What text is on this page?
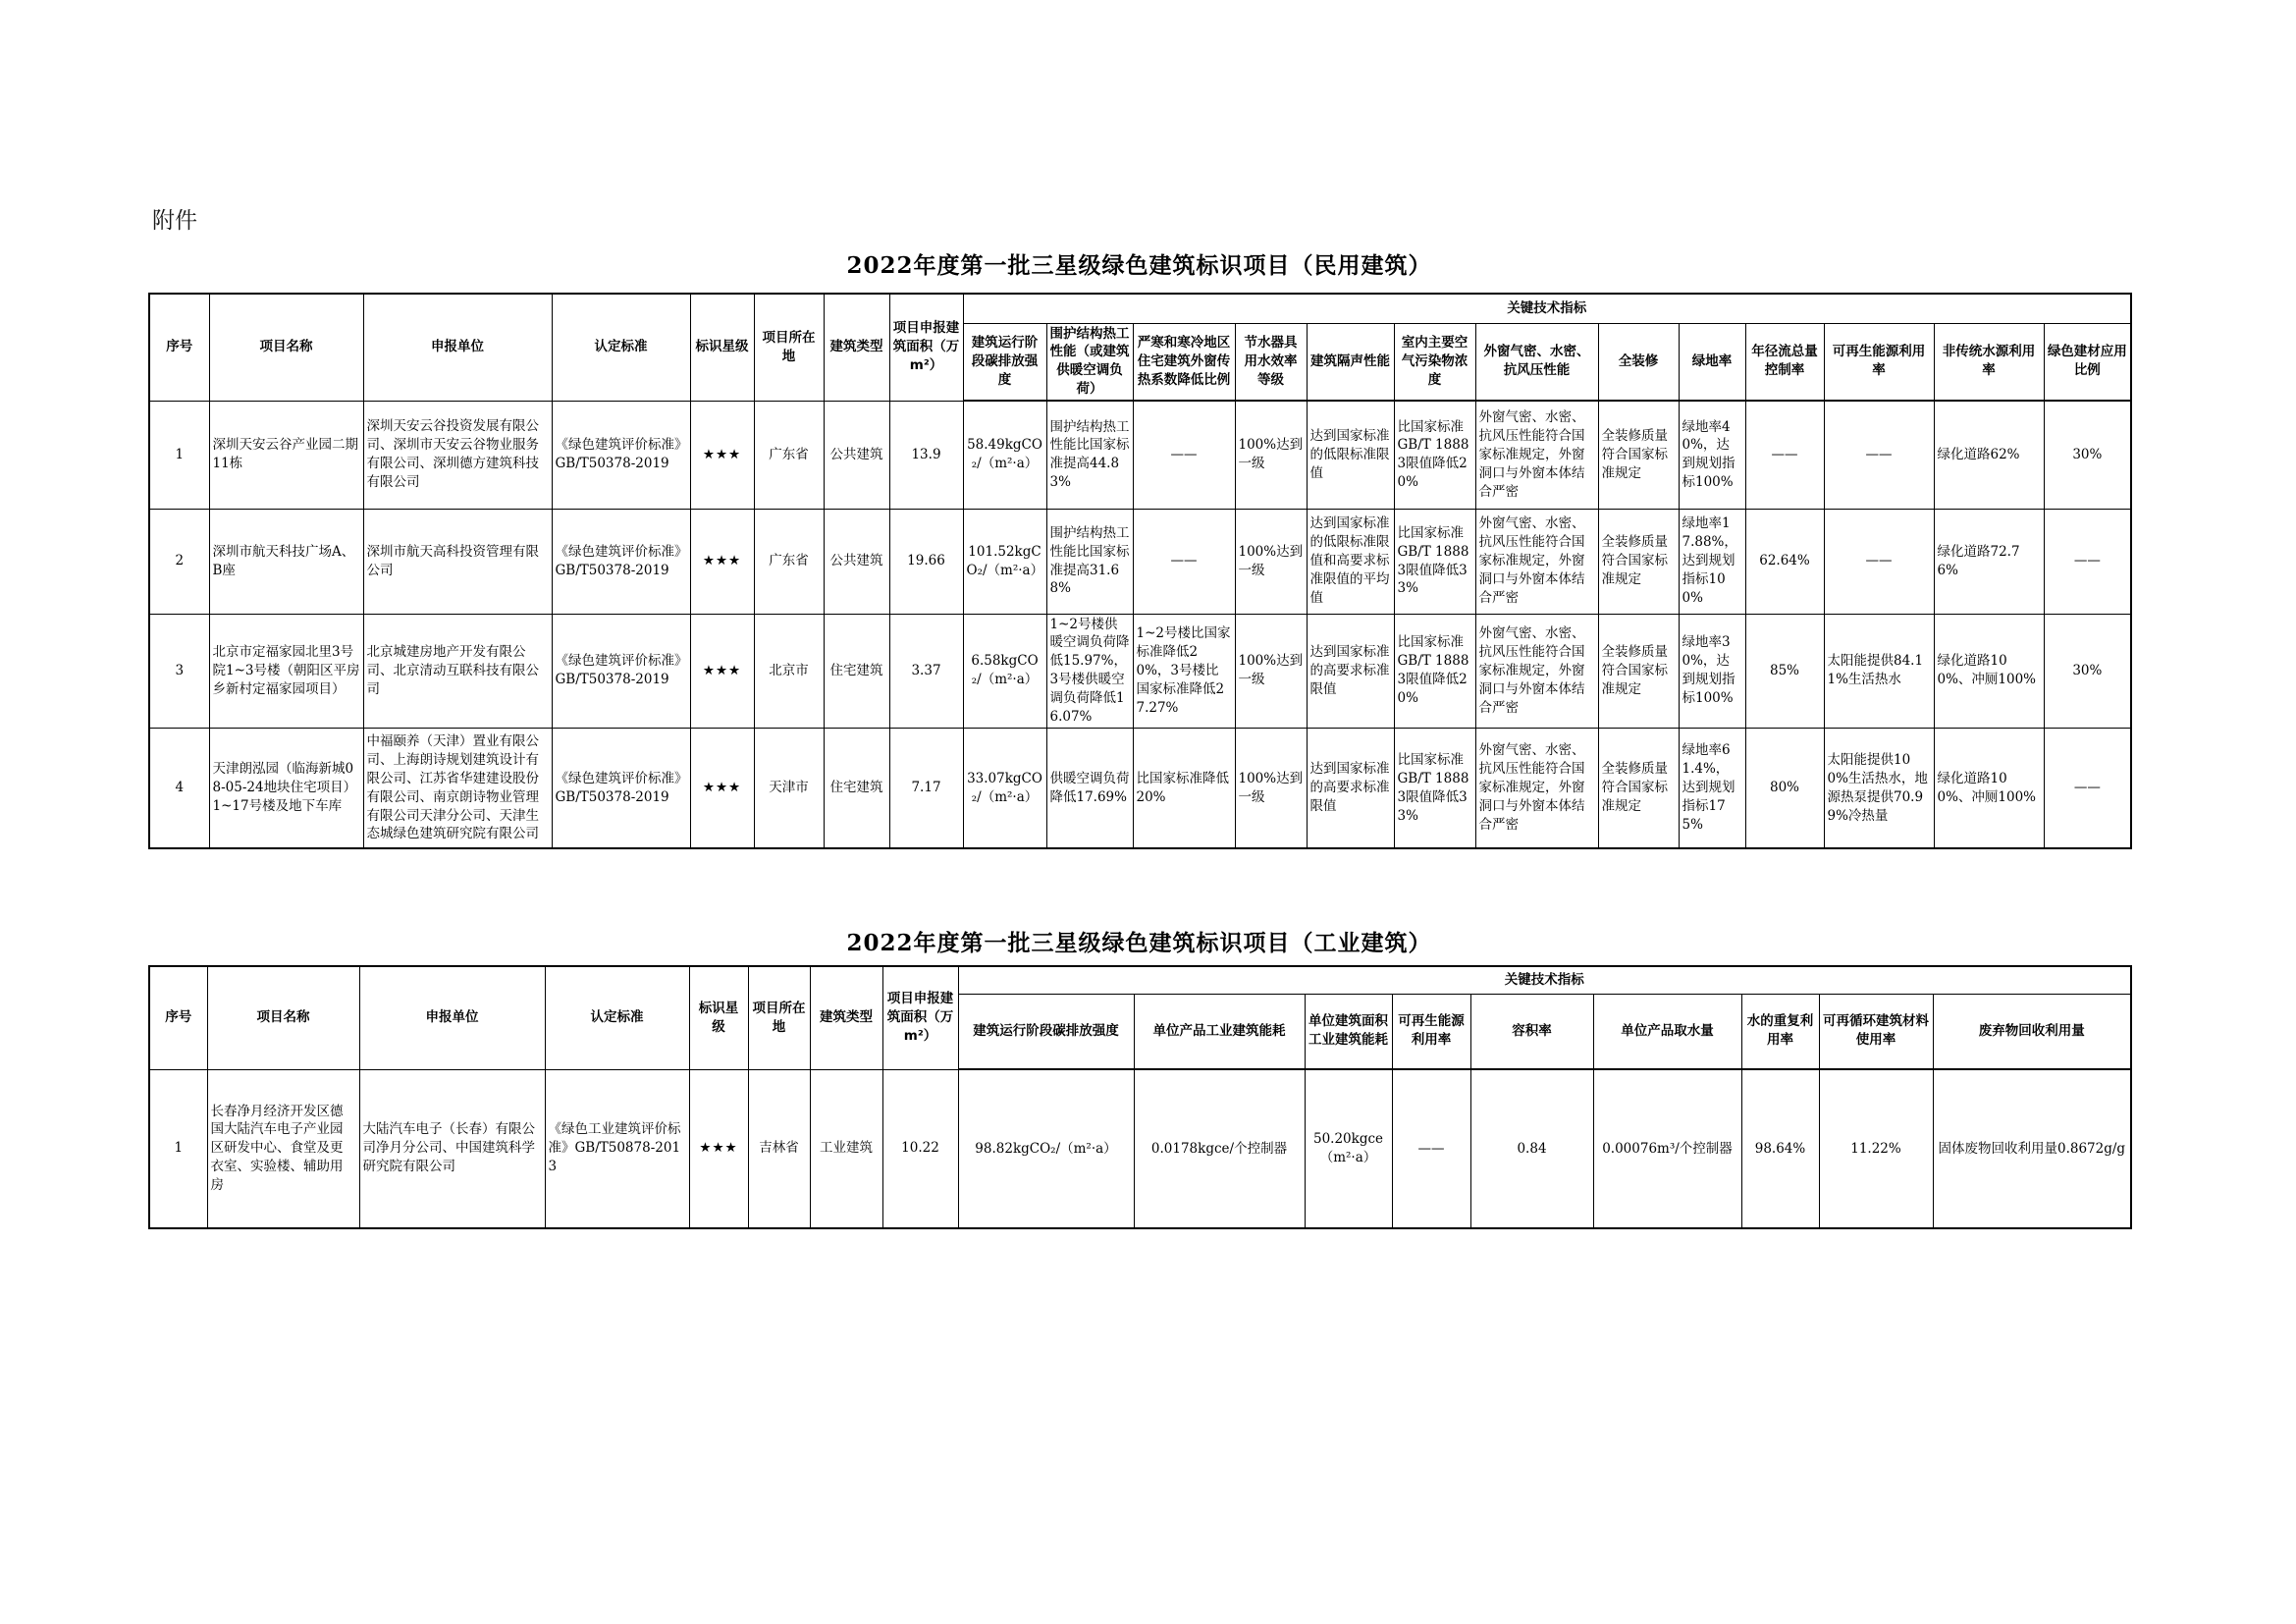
附件
2022年度第一批三星级绿色建筑标识项目（民用建筑）
序号	项目名称	申报单位	认定标准	标识星级	项目所在地	建筑类型	项目申报建筑面积（万m²）	关键技术指标												
								建筑运行阶段碳排放强度	围护结构热工性能（或建筑供暖空调负荷）	严寒和寒冷地区住宅建筑外窗传热系数降低比例	节水器具用水效率等级	建筑隔声性能	室内主要空气污染物浓度	外窗气密、水密、抗风压性能	全装修	绿地率	年径流总量控制率	可再生能源利用率	非传统水源利用率	绿色建材应用比例
1	深圳天安云谷产业园二期11栋	深圳天安云谷投资发展有限公司、深圳市天安云谷物业服务有限公司、深圳德方建筑科技有限公司	《绿色建筑评价标准》GB/T50378-2019	★★★	广东省	公共建筑	13.9	58.49kgCO₂/（m²·a）	围护结构热工性能比国家标准提高44.83%	——	100%达到一级	达到国家标准的低限标准限值	比国家标准GB/T 18883限值降低20%	外窗气密、水密、抗风压性能符合国家标准规定，外窗洞口与外窗本体结合严密	全装修质量符合国家标准规定	绿地率40%，达到规划指标100%	——	——	绿化道路62%	30%
2	深圳市航天科技广场A、B座	深圳市航天高科投资管理有限公司	《绿色建筑评价标准》GB/T50378-2019	★★★	广东省	公共建筑	19.66	101.52kgCO₂/（m²·a）	围护结构热工性能比国家标准提高31.68%	——	100%达到一级	达到国家标准的低限标准限值和高要求标准限值的平均值	比国家标准GB/T 18883限值降低33%	外窗气密、水密、抗风压性能符合国家标准规定，外窗洞口与外窗本体结合严密	全装修质量符合国家标准规定	绿地率17.88%，达到规划指标100%	62.64%	——	绿化道路72.76%	——
3	北京市定福家园北里3号院1~3号楼（朝阳区平房乡新村定福家园项目）	北京城建房地产开发有限公司、北京清动互联科技有限公司	《绿色建筑评价标准》GB/T50378-2019	★★★	北京市	住宅建筑	3.37	6.58kgCO₂/（m²·a）	1~2号楼供暖空调负荷降低15.97%，3号楼供暖空调负荷降低16.07%	1~2号楼比国家标准降低20%，3号楼比国家标准降低27.27%	100%达到一级	达到国家标准的高要求标准限值	比国家标准GB/T 18883限值降低20%	外窗气密、水密、抗风压性能符合国家标准规定，外窗洞口与外窗本体结合严密	全装修质量符合国家标准规定	绿地率30%，达到规划指标100%	85%	太阳能提供84.11%生活热水	绿化道路100%、冲厕100%	30%
4	天津朗泓园（临海新城08-05-24地块住宅项目）1~17号楼及地下车库	中福颐养（天津）置业有限公司、上海朗诗规划建筑设计有限公司、江苏省华建建设股份有限公司、南京朗诗物业管理有限公司天津分公司、天津生态城绿色建筑研究院有限公司	《绿色建筑评价标准》GB/T50378-2019	★★★	天津市	住宅建筑	7.17	33.07kgCO₂/（m²·a）	供暖空调负荷降低17.69%	比国家标准降低20%	100%达到一级	达到国家标准的高要求标准限值	比国家标准GB/T 18883限值降低33%	外窗气密、水密、抗风压性能符合国家标准规定，外窗洞口与外窗本体结合严密	全装修质量符合国家标准规定	绿地率61.4%，达到规划指标175%	80%	太阳能提供100%生活热水，地源热泵提供70.99%冷热量	绿化道路100%、冲厕100%	——
2022年度第一批三星级绿色建筑标识项目（工业建筑）
序号	项目名称	申报单位	认定标准	标识星级	项目所在地	建筑类型	项目申报建筑面积（万m²）	关键技术指标								
								建筑运行阶段碳排放强度	单位产品工业建筑能耗	单位建筑面积工业建筑能耗	可再生能源利用率	容积率	单位产品取水量	水的重复利用率	可再循环建筑材料使用率	废弃物回收利用量
1	长春净月经济开发区德国大陆汽车电子产业园区研发中心、食堂及更衣室、实验楼、辅助用房	大陆汽车电子（长春）有限公司净月分公司、中国建筑科学研究院有限公司	《绿色工业建筑评价标准》GB/T50878-2013	★★★	吉林省	工业建筑	10.22	98.82kgCO₂/（m²·a）	0.0178kgce/个控制器	50.20kgce（m²·a）	——	0.84	0.00076m³/个控制器	98.64%	11.22%	固体废物回收利用量0.8672g/g
